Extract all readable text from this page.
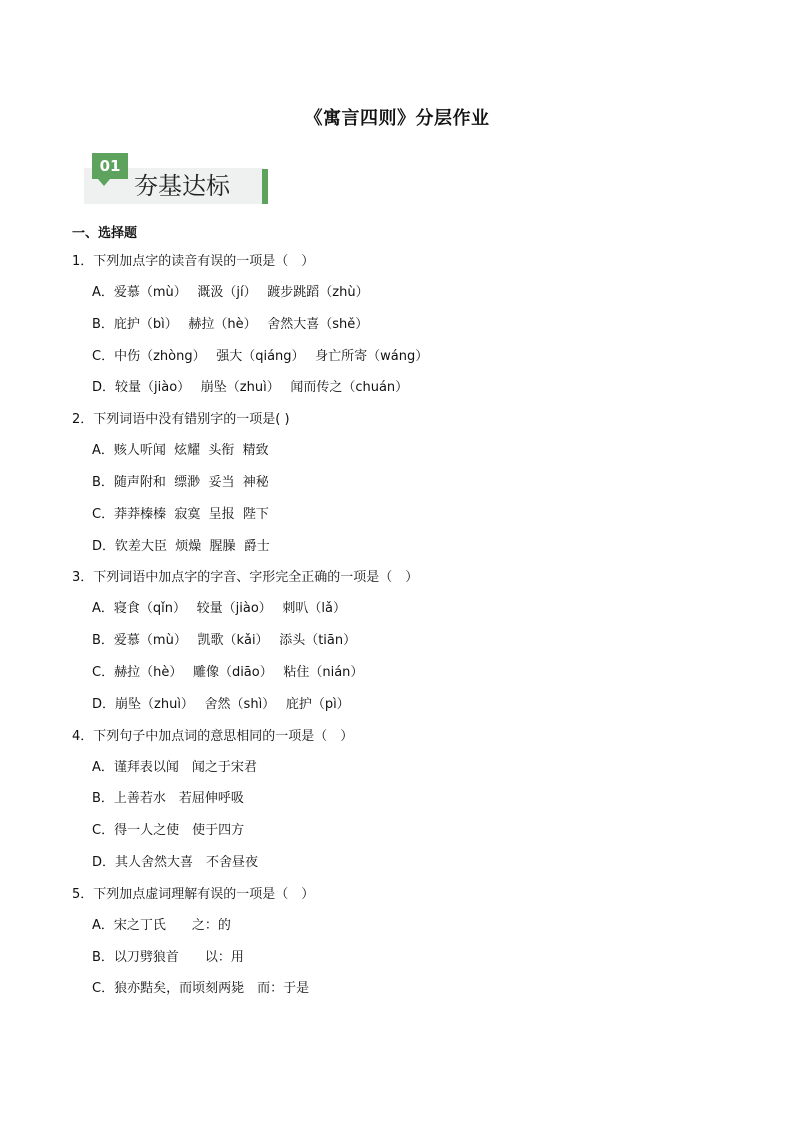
《寓言四则》分层作业
01
夯基达标
一、选择题
1．下列加点字的读音有误的一项是（　）
A．爱慕（mù）　 溉汲（jí）　 踱步跳蹈（zhù）
B．庇护（bì）　 赫拉（hè）　 舍然大喜（shě）
C．中伤（zhòng）　 强大（qiáng）　 身亡所寄（wáng）
D．较量（jiào）　 崩坠（zhuì）　 闻而传之（chuán）
2．下列词语中没有错别字的一项是( )
A．赅人听闻  炫耀  头衔  精致
B．随声附和  缥渺  妥当  神秘
C．莽莽榛榛  寂寞  呈报  陛下
D．钦差大臣  烦燥  腥臊  爵士
3．下列词语中加点字的字音、字形完全正确的一项是（　）
A．寝食（qǐn）　 较量（jiào）　 刺叭（lǎ）
B．爱慕（mù）　 凯歌（kǎi）　 添头（tiān）
C．赫拉（hè）　 雕像（diāo）　 粘住（nián）
D．崩坠（zhuì）　 舍然（shì）　 庇护（pì）
4．下列句子中加点词的意思相同的一项是（　）
A．谨拜表以闻　闻之于宋君
B．上善若水　若屈伸呼吸
C．得一人之使　使于四方
D．其人舍然大喜　不舍昼夜
5．下列加点虚词理解有误的一项是（　）
A．宋之丁氏　　之：的
B．以刀劈狼首　　以：用
C．狼亦黠矣，而顷刻两毙　而：于是
